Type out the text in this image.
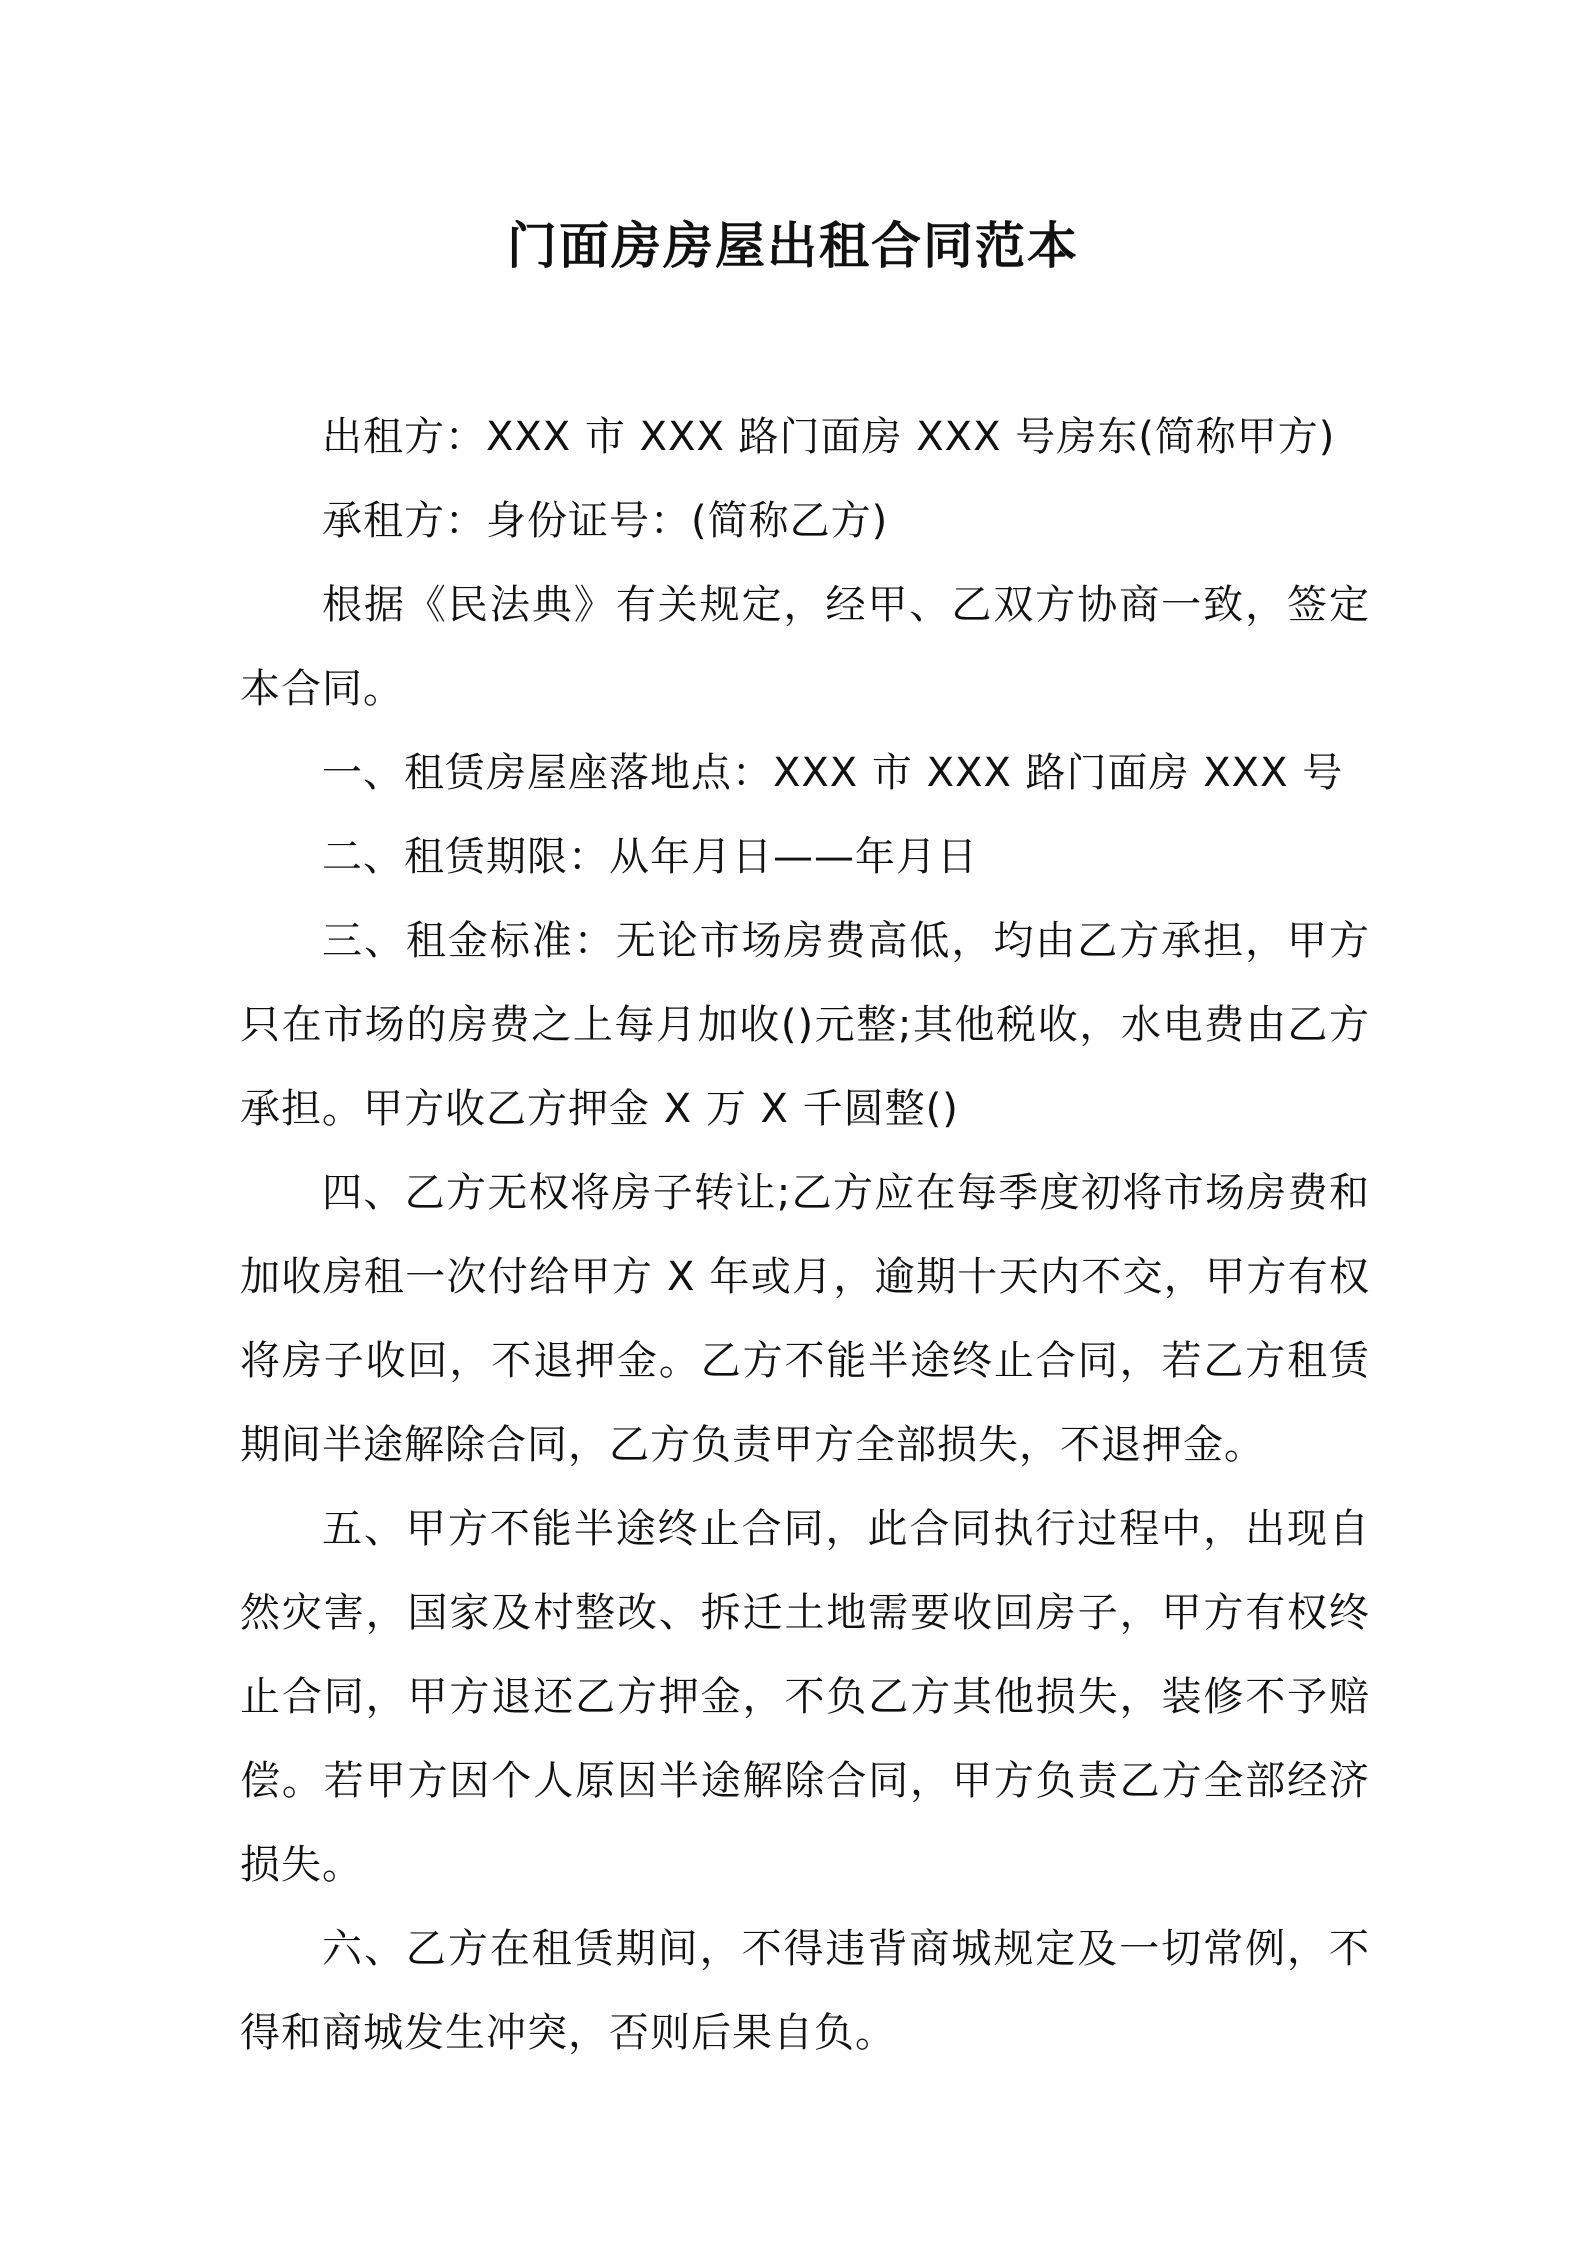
门面房房屋出租合同范本

出租方：XXX 市 XXX 路门面房 XXX 号房东(简称甲方)

承租方：身份证号：(简称乙方)

根据《民法典》有关规定，经甲、乙双方协商一致，签定本合同。

一、租赁房屋座落地点：XXX 市 XXX 路门面房 XXX 号

二、租赁期限：从年月日——年月日

三、租金标准：无论市场房费高低，均由乙方承担，甲方只在市场的房费之上每月加收()元整;其他税收，水电费由乙方承担。甲方收乙方押金 X 万 X 千圆整()

四、乙方无权将房子转让;乙方应在每季度初将市场房费和加收房租一次付给甲方 X 年或月，逾期十天内不交，甲方有权将房子收回，不退押金。乙方不能半途终止合同，若乙方租赁期间半途解除合同，乙方负责甲方全部损失，不退押金。

五、甲方不能半途终止合同，此合同执行过程中，出现自然灾害，国家及村整改、拆迁土地需要收回房子，甲方有权终止合同，甲方退还乙方押金，不负乙方其他损失，装修不予赔偿。若甲方因个人原因半途解除合同，甲方负责乙方全部经济损失。

六、乙方在租赁期间，不得违背商城规定及一切常例，不得和商城发生冲突，否则后果自负。
